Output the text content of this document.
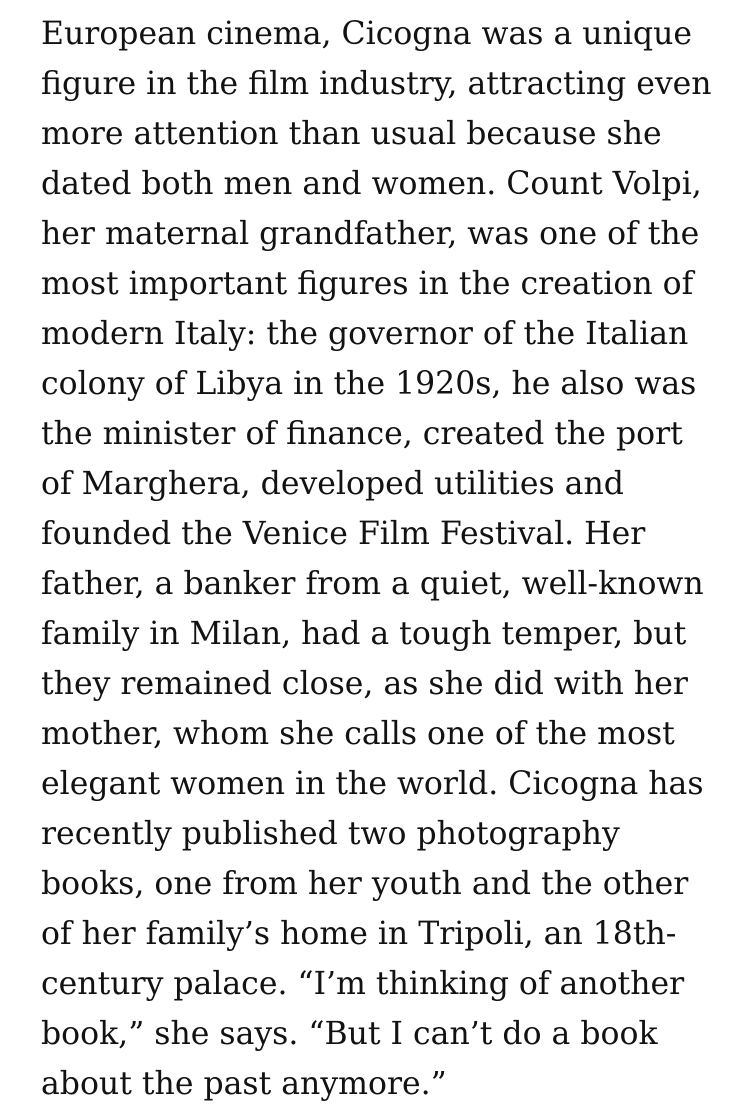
European cinema, Cicogna was a unique
figure in the film industry, attracting even
more attention than usual because she
dated both men and women. Count Volpi,
her maternal grandfather, was one of the
most important figures in the creation of
modern Italy: the governor of the Italian
colony of Libya in the 1920s, he also was
the minister of finance, created the port
of Marghera, developed utilities and
founded the Venice Film Festival. Her
father, a banker from a quiet, well-known
family in Milan, had a tough temper, but
they remained close, as she did with her
mother, whom she calls one of the most
elegant women in the world. Cicogna has
recently published two photography
books, one from her youth and the other
of her family’s home in Tripoli, an 18th-
century palace. “I’m thinking of another
book,” she says. “But I can’t do a book
about the past anymore.”
